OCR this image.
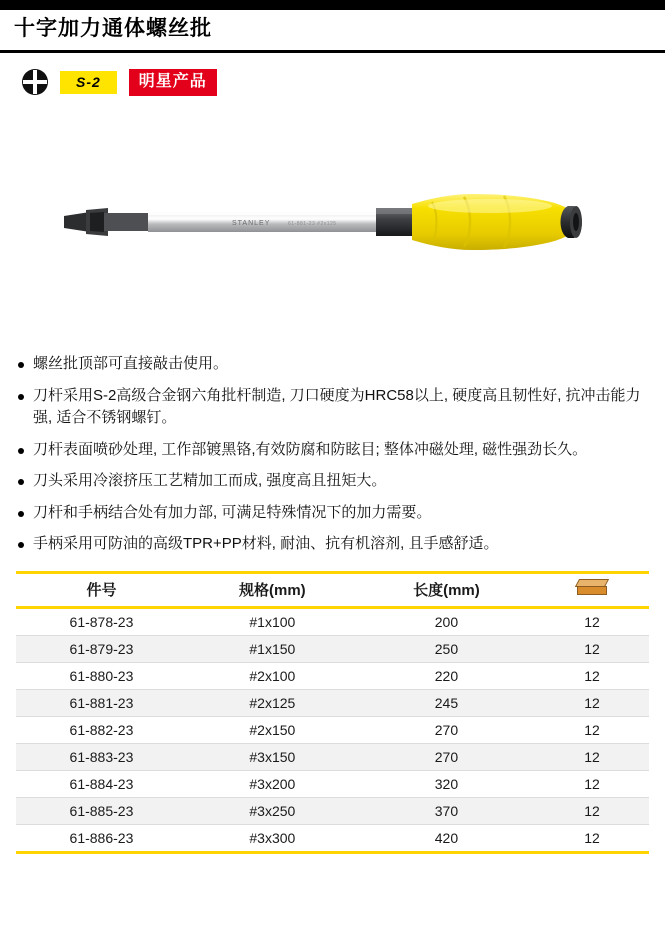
十字加力通体螺丝批
S-2	明星产品
STANLEY	61-881-23 #2x125
螺丝批顶部可直接敲击使用。
刀杆采用S-2高级合金钢六角批杆制造, 刀口硬度为HRC58以上, 硬度高且韧性好, 抗冲击能力强, 适合不锈钢螺钉。
刀杆表面喷砂处理, 工作部镀黑铬,有效防腐和防眩目; 整体冲磁处理, 磁性强劲长久。
刀头采用冷滚挤压工艺精加工而成, 强度高且扭矩大。
刀杆和手柄结合处有加力部, 可满足特殊情况下的加力需要。
手柄采用可防油的高级TPR+PP材料, 耐油、抗有机溶剂, 且手感舒适。
件号	规格(mm)	长度(mm)	

61-878-23	#1x100	200	12
61-879-23	#1x150	250	12
61-880-23	#2x100	220	12
61-881-23	#2x125	245	12
61-882-23	#2x150	270	12
61-883-23	#3x150	270	12
61-884-23	#3x200	320	12
61-885-23	#3x250	370	12
61-886-23	#3x300	420	12
